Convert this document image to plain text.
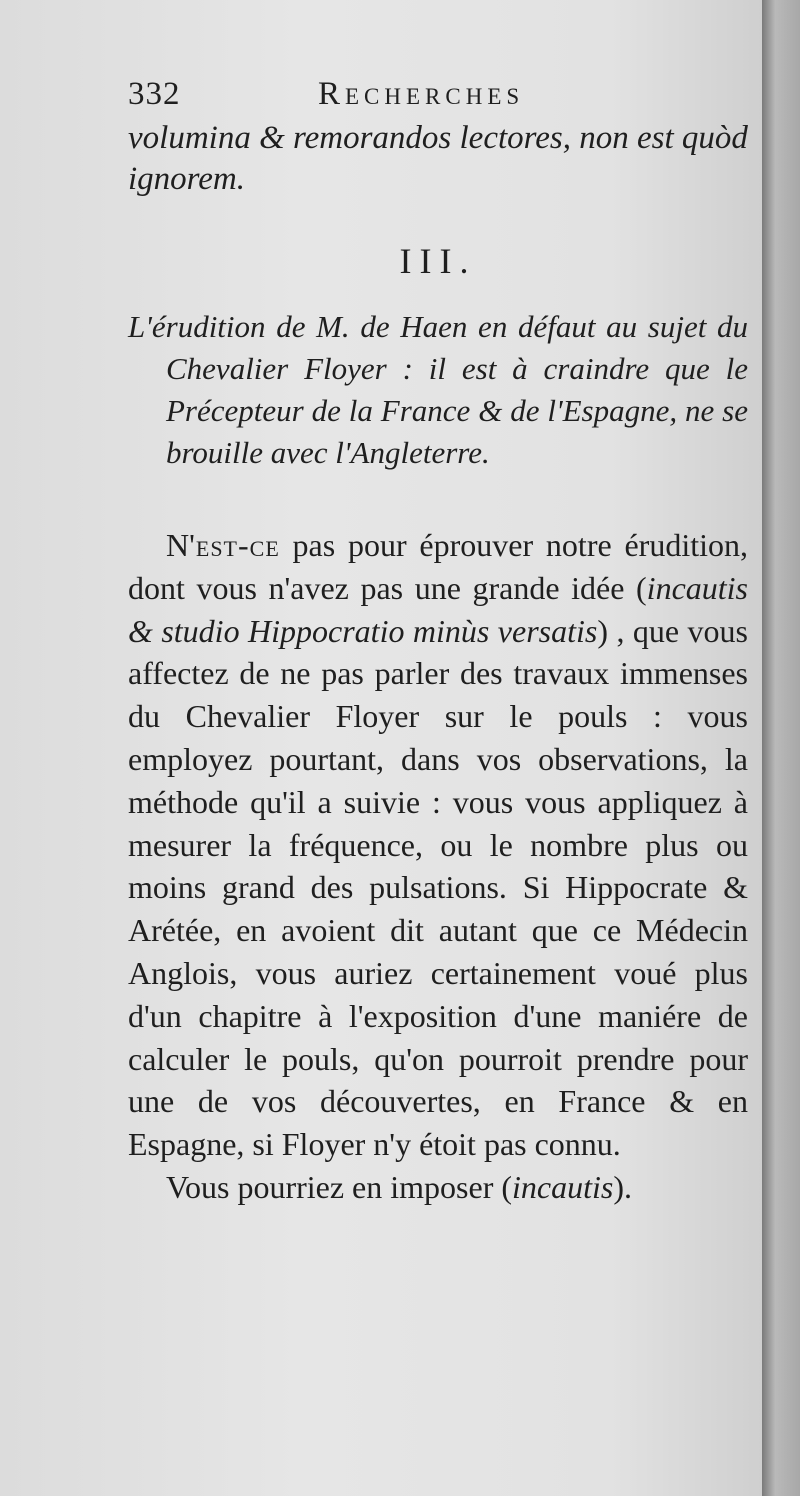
332	Recherches
volumina & remorandos lectores, non est quòd ignorem.
III.
L'érudition de M. de Haen en défaut au sujet du Chevalier Floyer : il est à craindre que le Précepteur de la France & de l'Espagne, ne se brouille avec l'Angleterre.

N'est-ce pas pour éprouver notre érudition, dont vous n'avez pas une grande idée (incautis & studio Hippocratio minùs versatis) , que vous affectez de ne pas parler des travaux immenses du Chevalier Floyer sur le pouls : vous employez pourtant, dans vos observations, la méthode qu'il a suivie : vous vous appliquez à mesurer la fréquence, ou le nombre plus ou moins grand des pulsations. Si Hippocrate & Arétée, en avoient dit autant que ce Médecin Anglois, vous auriez certainement voué plus d'un chapitre à l'exposition d'une maniére de calculer le pouls, qu'on pourroit prendre pour une de vos découvertes, en France & en Espagne, si Floyer n'y étoit pas connu.

Vous pourriez en imposer (incautis).
